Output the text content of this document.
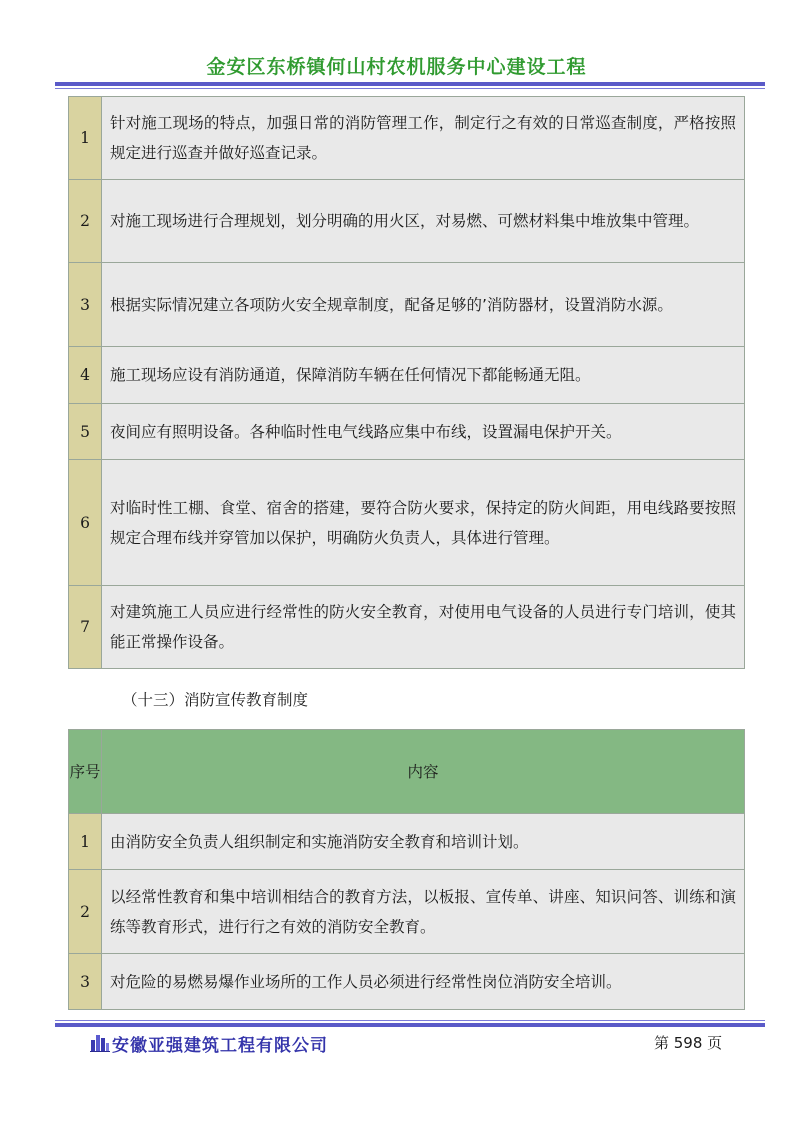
金安区东桥镇何山村农机服务中心建设工程
1	针对施工现场的特点，加强日常的消防管理工作，制定行之有效的日常巡查制度，严格按照规定进行巡查并做好巡查记录。
2	对施工现场进行合理规划，划分明确的用火区，对易燃、可燃材料集中堆放集中管理。
3	根据实际情况建立各项防火安全规章制度，配备足够的’消防器材，设置消防水源。
4	施工现场应设有消防通道，保障消防车辆在任何情况下都能畅通无阻。
5	夜间应有照明设备。各种临时性电气线路应集中布线，设置漏电保护开关。
6	对临时性工棚、食堂、宿舍的搭建，要符合防火要求，保持定的防火间距，用电线路要按照规定合理布线并穿管加以保护，明确防火负责人，具体进行管理。
7	对建筑施工人员应进行经常性的防火安全教育，对使用电气设备的人员进行专门培训，使其能正常操作设备。
（十三）消防宣传教育制度
序号	内容
1	由消防安全负责人组织制定和实施消防安全教育和培训计划。
2	以经常性教育和集中培训相结合的教育方法，以板报、宣传单、讲座、知识问答、训练和演练等教育形式，进行行之有效的消防安全教育。
3	对危险的易燃易爆作业场所的工作人员必须进行经常性岗位消防安全培训。
安徽亚强建筑工程有限公司	第 598 页
